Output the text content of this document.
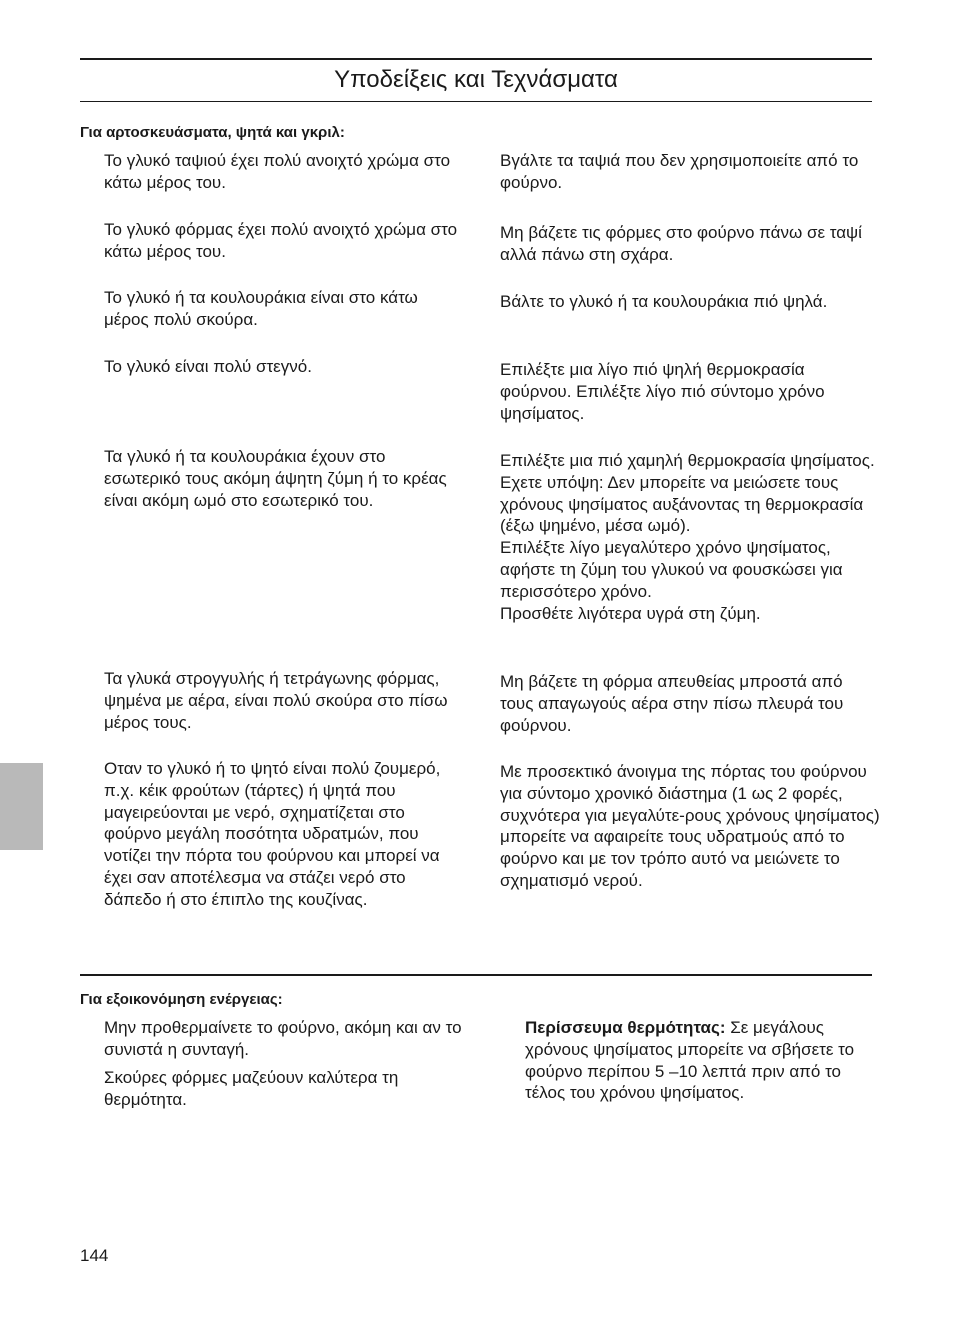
Υποδείξεις και Τεχνάσματα
Για αρτοσκευάσματα, ψητά και γκριλ:

Το γλυκό ταψιού έχει πολύ ανοιχτό χρώμα στο κάτω μέρος του.

Βγάλτε τα ταψιά που δεν χρησιμοποιείτε από το φούρνο.

Το γλυκό φόρμας έχει πολύ ανοιχτό χρώμα στο κάτω μέρος του.

Μη βάζετε τις φόρμες στο φούρνο πάνω σε ταψί αλλά πάνω στη σχάρα.

Το γλυκό ή τα κουλουράκια είναι στο κάτω μέρος πολύ σκούρα.

Βάλτε το γλυκό ή τα κουλουράκια πιό ψηλά.

Το γλυκό είναι πολύ στεγνό.	Επιλέξτε μια λίγο πιό ψηλή θερμοκρασία φούρνου. Επιλέξτε λίγο πιό σύντομο χρόνο ψησίματος.

Τα γλυκό ή τα κουλουράκια έχουν στο εσωτερικό τους ακόμη άψητη ζύμη ή το κρέας είναι ακόμη ωμό στο εσωτερικό του.

Επιλέξτε μια πιό χαμηλή θερμοκρασία ψησίματος.
Εχετε υπόψη: Δεν μπορείτε να μειώσετε τους χρόνους ψησίματος αυξάνοντας τη θερμοκρασία (έξω ψημένο, μέσα ωμό).
Επιλέξτε λίγο μεγαλύτερο χρόνο ψησίματος, αφήστε τη ζύμη του γλυκού να φουσκώσει για περισσότερο χρόνο.
Προσθέτε λιγότερα υγρά στη ζύμη.

Τα γλυκά στρογγυλής ή τετράγωνης φόρμας, ψημένα με αέρα, είναι πολύ σκούρα στο πίσω μέρος τους.

Μη βάζετε τη φόρμα απευθείας μπροστά από τους απαγωγούς αέρα στην πίσω πλευρά του φούρνου.

Οταν το γλυκό ή το ψητό είναι πολύ ζουμερό, π.χ. κέικ φρούτων (τάρτες) ή ψητά που μαγειρεύονται με νερό, σχηματίζεται στο φούρνο μεγάλη ποσότητα υδρατμών, που νοτίζει την πόρτα του φούρνου και μπορεί να έχει σαν αποτέλεσμα να στάζει νερό στο δάπεδο ή στο έπιπλο της κουζίνας.

Με προσεκτικό άνοιγμα της πόρτας του φούρνου για σύντομο χρονικό διάστημα (1 ως 2 φορές, συχνότερα για μεγαλύτε-ρους χρόνους ψησίματος) μπορείτε να αφαιρείτε τους υδρατμούς από το φούρνο και με τον τρόπο αυτό να μειώνετε το σχηματισμό νερού.

Για εξοικονόμηση ενέργειας:

Μην προθερμαίνετε το φούρνο, ακόμη και αν το συνιστά η συνταγή.

Σκούρες φόρμες μαζεύουν καλύτερα τη θερμότητα.

Περίσσευμα θερμότητας: Σε μεγάλους χρόνους ψησίματος μπορείτε να σβήσετε το φούρνο περίπου 5 –10 λεπτά πριν από το τέλος του χρόνου ψησίματος.

144
